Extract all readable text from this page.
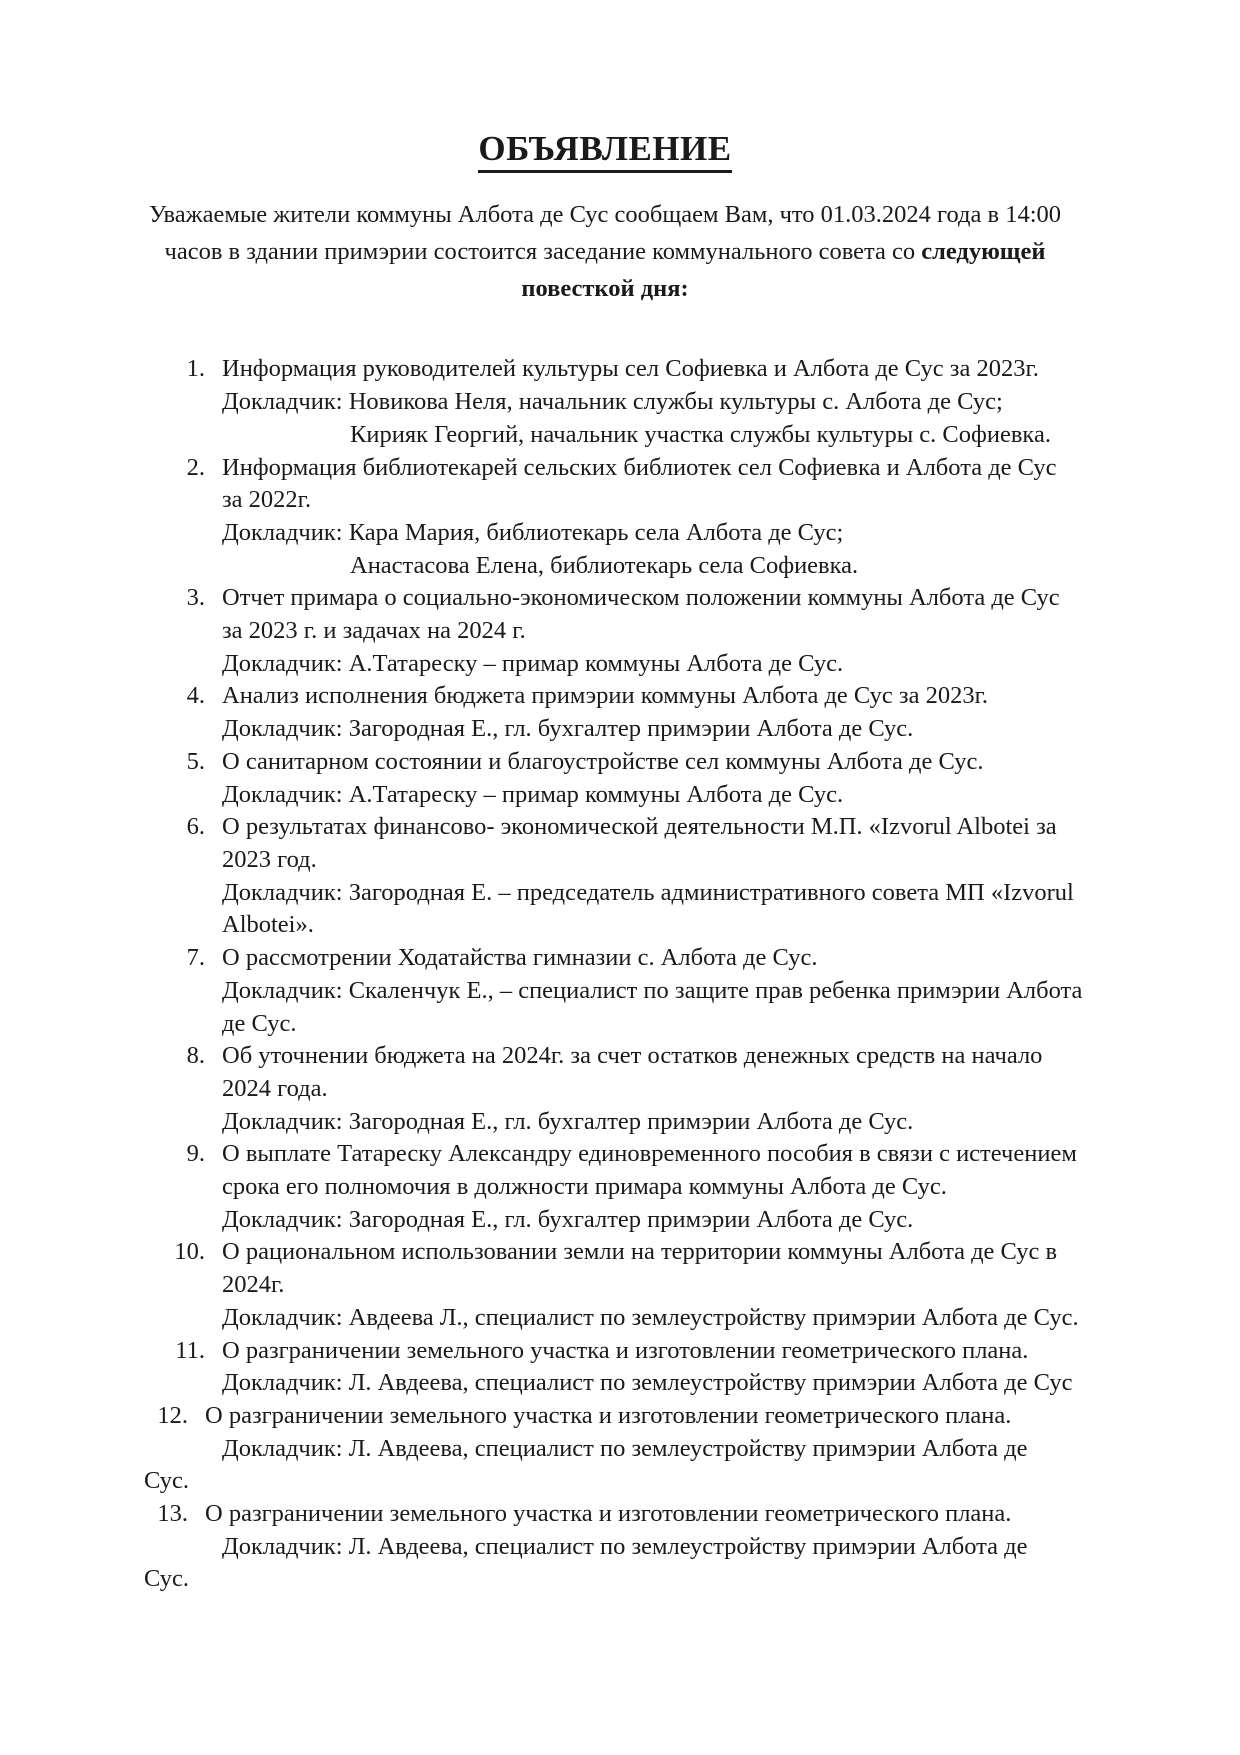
ОБЪЯВЛЕНИЕ

Уважаемые жители коммуны Албота де Сус сообщаем Вам, что 01.03.2024 года в 14:00 часов в здании примэрии состоится заседание коммунального совета со следующей повесткой дня:

1. Информация руководителей культуры сел Софиевка и Албота де Сус за 2023г.
Докладчик: Новикова Неля, начальник службы культуры с. Албота де Сус;
Кирияк Георгий, начальник участка службы культуры с. Софиевка.
2. Информация библиотекарей сельских библиотек сел Софиевка и Албота де Сус за 2022г.
Докладчик: Кара Мария, библиотекарь села Албота де Сус;
Анастасова Елена, библиотекарь села Софиевка.
3. Отчет примара о социально-экономическом положении коммуны Албота де Сус за 2023 г. и задачах на 2024 г.
Докладчик: А.Татареску – примар коммуны Албота де Сус.
4. Анализ исполнения бюджета примэрии коммуны Албота де Сус за 2023г.
Докладчик: Загородная Е., гл. бухгалтер примэрии Албота де Сус.
5. О санитарном состоянии и благоустройстве сел коммуны Албота де Сус.
Докладчик: А.Татареску – примар коммуны Албота де Сус.
6. О результатах финансово- экономической деятельности М.П. «Izvorul Albotei за 2023 год.
Докладчик: Загородная Е. – председатель административного совета МП «Izvorul Albotei».
7. О рассмотрении Ходатайства гимназии с. Албота де Сус.
Докладчик: Скаленчук Е., – специалист по защите прав ребенка примэрии Албота де Сус.
8. Об уточнении бюджета на 2024г. за счет остатков денежных средств на начало 2024 года.
Докладчик: Загородная Е., гл. бухгалтер примэрии Албота де Сус.
9. О выплате Татареску Александру единовременного пособия в связи с истечением срока его полномочия в должности примара коммуны Албота де Сус.
Докладчик: Загородная Е., гл. бухгалтер примэрии Албота де Сус.
10. О рациональном использовании земли на территории коммуны Албота де Сус в 2024г.
Докладчик: Авдеева Л., специалист по землеустройству примэрии Албота де Сус.
11. О разграничении земельного участка и изготовлении геометрического плана.
Докладчик: Л. Авдеева, специалист по землеустройству примэрии Албота де Сус
12. О разграничении земельного участка и изготовлении геометрического плана.
Докладчик: Л. Авдеева, специалист по землеустройству примэрии Албота де
Сус.
13. О разграничении земельного участка и изготовлении геометрического плана.
Докладчик: Л. Авдеева, специалист по землеустройству примэрии Албота де
Сус.
